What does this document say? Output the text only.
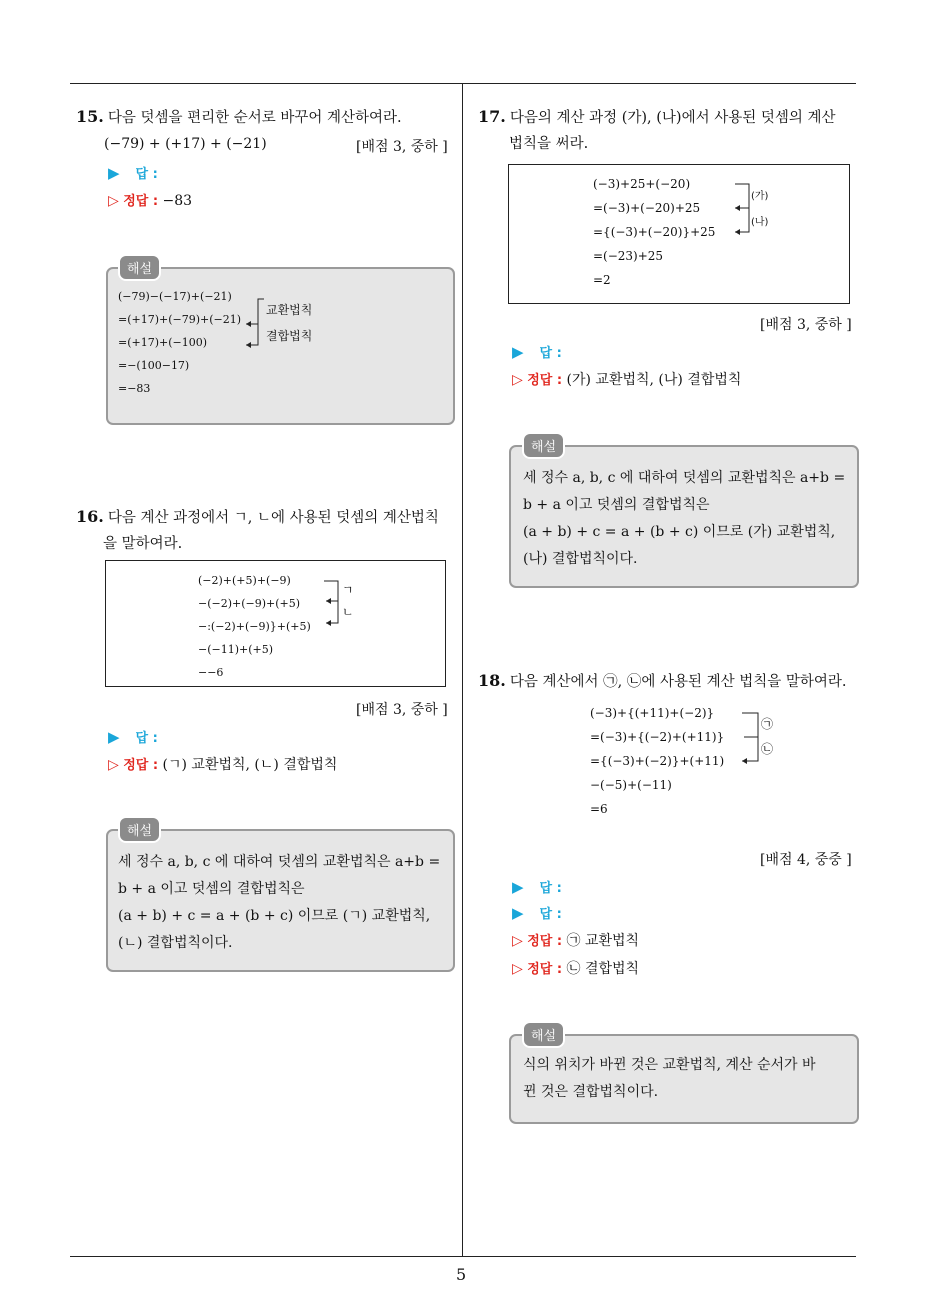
5
15. 다음 덧셈을 편리한 순서로 바꾸어 계산하여라.
(−79) + (+17) + (−21)	[배점 3, 중하 ]
▶ 답 :
▷ 정답 : −83
(−79)−(−17)+(−21)
=(+17)+(−79)+(−21)
=(+17)+(−100)
=−(100−17)
=−83
교환법칙
결합법칙
해설
16. 다음 계산 과정에서 ㄱ, ㄴ에 사용된 덧셈의 계산법칙
을 말하여라.
(−2)+(+5)+(−9)
−(−2)+(−9)+(+5)
−:(−2)+(−9)}+(+5)
−(−11)+(+5)
−−6
ㄱ
ㄴ
[배점 3, 중하 ]
▶ 답 :
▷ 정답 : (ㄱ) 교환법칙, (ㄴ) 결합법칙
세 정수 a, b, c 에 대하여 덧셈의 교환법칙은 a+b =
b + a 이고 덧셈의 결합법칙은
(a + b) + c = a + (b + c) 이므로 (ㄱ) 교환법칙,
(ㄴ) 결합법칙이다.
해설
17. 다음의 계산 과정 (가), (나)에서 사용된 덧셈의 계산
법칙을 써라.
(−3)+25+(−20)
=(−3)+(−20)+25
={(−3)+(−20)}+25
=(−23)+25
=2
(가)
(나)
[배점 3, 중하 ]
▶ 답 :
▷ 정답 : (가) 교환법칙, (나) 결합법칙
세 정수 a, b, c 에 대하여 덧셈의 교환법칙은 a+b =
b + a 이고 덧셈의 결합법칙은
(a + b) + c = a + (b + c) 이므로 (가) 교환법칙,
(나) 결합법칙이다.
해설
18. 다음 계산에서 ㉠, ㉡에 사용된 계산 법칙을 말하여라.
(−3)+{(+11)+(−2)}
=(−3)+{(−2)+(+11)}
={(−3)+(−2)}+(+11)
−(−5)+(−11)
=6
㉠
㉡
[배점 4, 중중 ]
▶ 답 :
▶ 답 :
▷ 정답 : ㉠ 교환법칙
▷ 정답 : ㉡ 결합법칙
식의 위치가 바뀐 것은 교환법칙, 계산 순서가 바
뀐 것은 결합법칙이다.
해설
